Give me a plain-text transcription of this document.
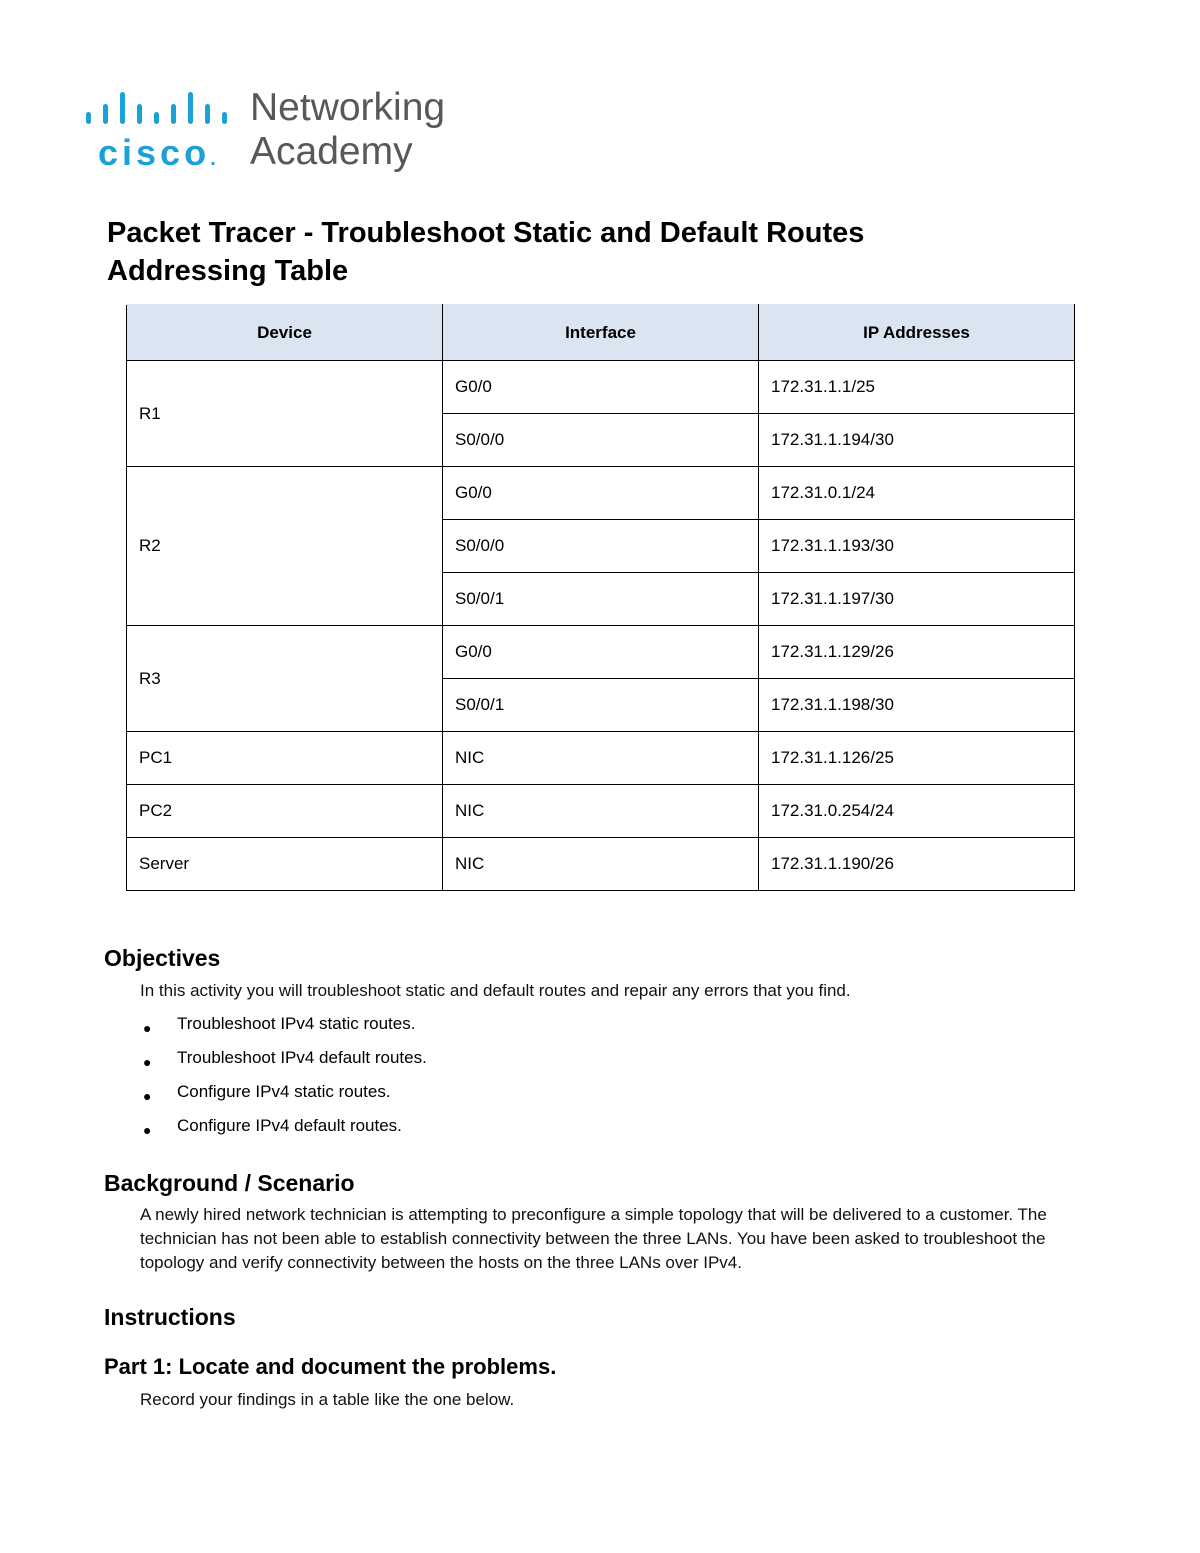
cisco.
Networking
Academy
Packet Tracer - Troubleshoot Static and Default Routes
Addressing Table
Device	Interface	IP Addresses
R1	G0/0	172.31.1.1/25
	S0/0/0	172.31.1.194/30
R2	G0/0	172.31.0.1/24
	S0/0/0	172.31.1.193/30
	S0/0/1	172.31.1.197/30
R3	G0/0	172.31.1.129/26
	S0/0/1	172.31.1.198/30
PC1	NIC	172.31.1.126/25
PC2	NIC	172.31.0.254/24
Server	NIC	172.31.1.190/26
Objectives

In this activity you will troubleshoot static and default routes and repair any errors that you find.

● Troubleshoot IPv4 static routes.
● Troubleshoot IPv4 default routes.
● Configure IPv4 static routes.
● Configure IPv4 default routes.
Background / Scenario

A newly hired network technician is attempting to preconfigure a simple topology that will be delivered to a customer. The technician has not been able to establish connectivity between the three LANs. You have been asked to troubleshoot the topology and verify connectivity between the hosts on the three LANs over IPv4.

Instructions
Part 1: Locate and document the problems.

Record your findings in a table like the one below.
